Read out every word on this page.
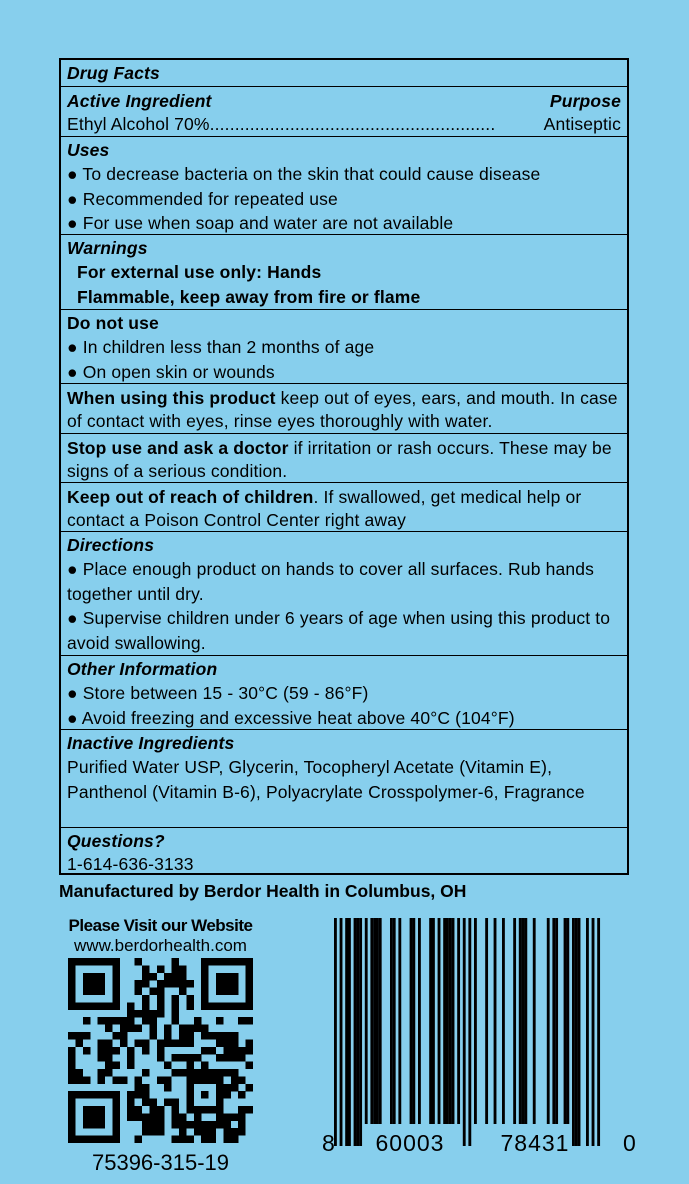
Drug Facts
Active Ingredient	Purpose
Ethyl Alcohol 70%.........................................................	Antiseptic
Uses
● To decrease bacteria on the skin that could cause disease
● Recommended for repeated use
● For use when soap and water are not available
Warnings
For external use only: Hands
Flammable, keep away from fire or flame
Do not use
● In children less than 2 months of age
● On open skin or wounds
When using this product keep out of eyes, ears, and mouth. In case of contact with eyes, rinse eyes thoroughly with water.
Stop use and ask a doctor if irritation or rash occurs. These may be signs of a serious condition.
Keep out of reach of children. If swallowed, get medical help or contact a Poison Control Center right away
Directions
● Place enough product on hands to cover all surfaces. Rub hands together until dry.
● Supervise children under 6 years of age when using this product to avoid swallowing.
Other Information
● Store between 15 - 30°C (59 - 86°F)
● Avoid freezing and excessive heat above 40°C (104°F)
Inactive Ingredients
Purified Water USP, Glycerin, Tocopheryl Acetate (Vitamin E), Panthenol (Vitamin B-6), Polyacrylate Crosspolymer-6, Fragrance
Questions?
1-614-636-3133
Manufactured by Berdor Health in Columbus, OH
Please Visit our Website
www.berdorhealth.com
75396-315-19
8 60003 78431 0
